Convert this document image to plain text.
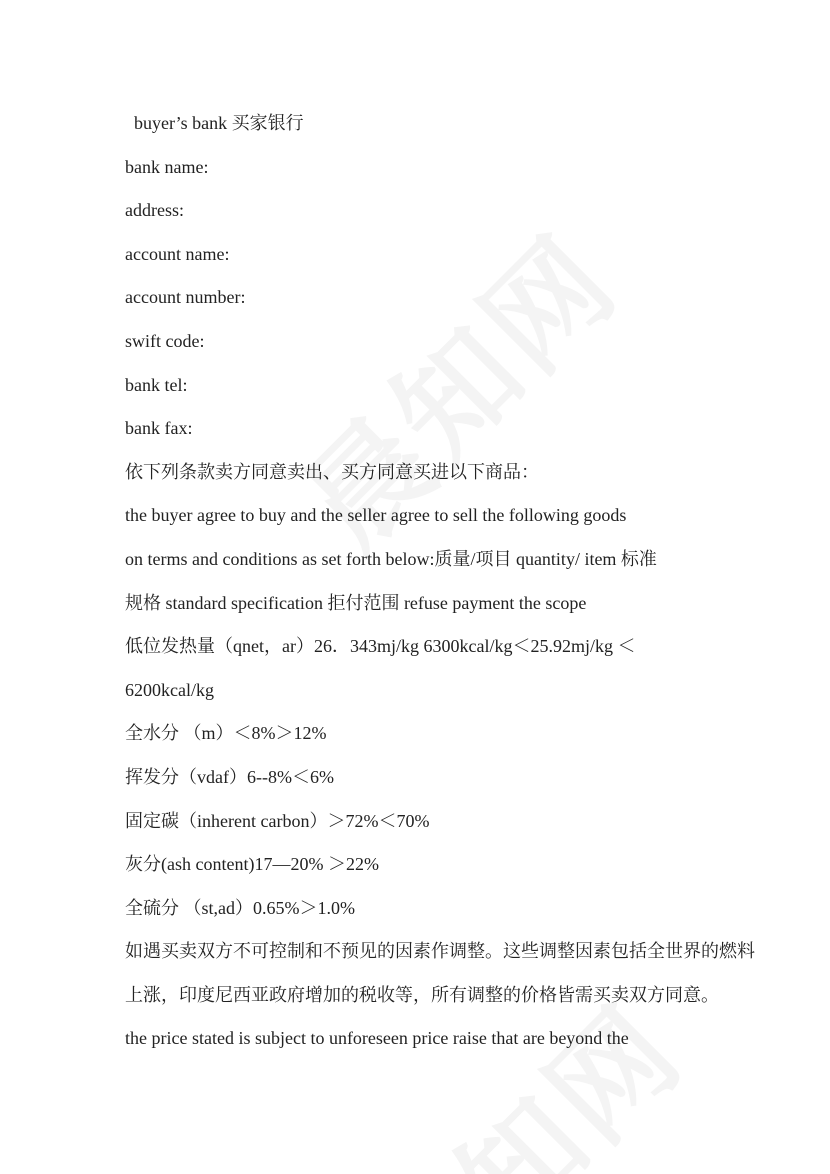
buyer’s bank 买家银行
bank name:
address:
account name:
account number:
swift code:
bank tel:
bank fax:
依下列条款卖方同意卖出、买方同意买进以下商品：
the buyer agree to buy and the seller agree to sell the following goods
on terms and conditions as set forth below:质量/项目 quantity/ item 标准
规格 standard specification 拒付范围 refuse payment the scope
低位发热量（qnet，ar）26．343mj/kg 6300kcal/kg＜25.92mj/kg ＜
6200kcal/kg
全水分 （m）＜8%＞12%
挥发分（vdaf）6--8%＜6%
固定碳（inherent carbon）＞72%＜70%
灰分(ash content)17—20% ＞22%
全硫分 （st,ad）0.65%＞1.0%
如遇买卖双方不可控制和不预见的因素作调整。这些调整因素包括全世界的燃料
上涨，印度尼西亚政府增加的税收等，所有调整的价格皆需买卖双方同意。
the price stated is subject to unforeseen price raise that are beyond the
